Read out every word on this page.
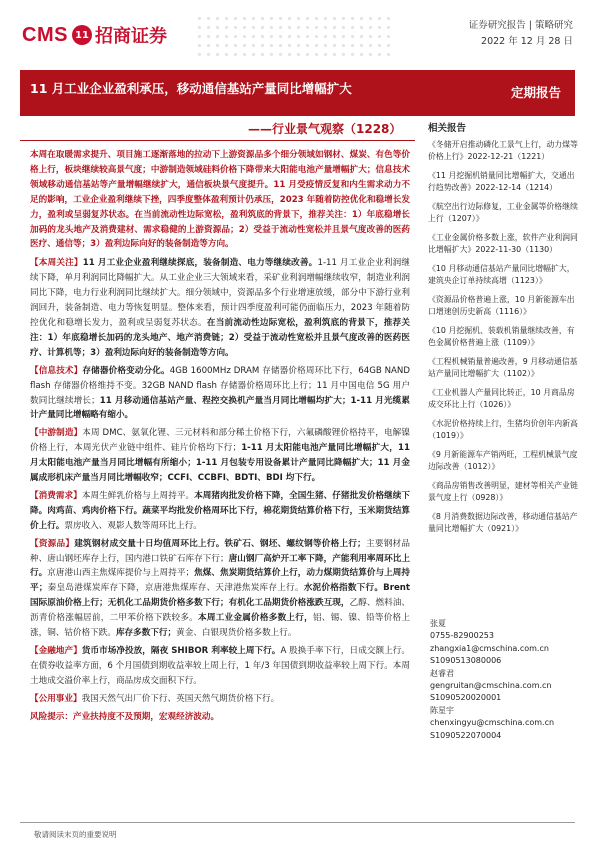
CMS 11 招商证券
证券研究报告 | 策略研究
2022 年 12 月 28 日
11 月工业企业盈利承压，移动通信基站产量同比增幅扩大	定期报告
——行业景气观察（1228）
本周在取暖需求提升、项目施工逐渐落地的拉动下上游资源品多个细分领域如钢材、煤炭、有色等价格上行，板块继续较高景气度；中游制造领域硅料价格下降带来大阳能电池产量增幅扩大；信息技术领域移动通信基站等产量增幅继续扩大，通信板块景气度提升。11 月受疫情反复和内生需求动力不足的影响，工业企业盈利继续下挫，四季度整体盈利预计仍承压，2023 年随着防控优化和稳增长发力，盈利或呈弱复苏状态。在当前流动性边际宽松，盈利筑底的背景下，推荐关注：1）年底稳增长加码的龙头地产及消费建材、需求稳健的上游资源品；2）受益于流动性宽松并且景气度改善的医药医疗、通信等；3）盈利边际向好的装备制造等方向。
【本周关注】11 月工业企业盈利继续探底，装备制造、电力等继续改善。1-11 月工业企业利润继续下降，单月利润同比降幅扩大。从工业企业三大领域来看，采矿业利润增幅继续收窄，制造业利润同比下降，电力行业利润同比继续扩大。细分领域中，资源品多个行业增速放缓，部分中下游行业利润回升，装备制造、电力等恢复明显。整体来看，预计四季度盈利可能仍面临压力，2023 年随着防控优化和稳增长发力，盈利或呈弱复苏状态。在当前流动性边际宽松，盈利筑底的背景下，推荐关注：1）年底稳增长加码的龙头地产、地产消费链；2）受益于流动性宽松并且景气度改善的医药医疗、计算机等；3）盈利边际向好的装备制造等方向。
【信息技术】存储器价格变动分化。4GB 1600MHz DRAM 存储器价格周环比下行，64GB NAND flash 存储器价格维持不变。32GB NAND flash 存储器价格周环比上行；11 月中国电信 5G 用户数同比继续增长；11 月移动通信基站产量、程控交换机产量当月同比增幅均扩大；1-11 月光缆累计产量同比增幅略有缩小。
【中游制造】本周 DMC、氨氧化锂、三元材料和部分稀土价格下行，六氟磷酸锂价格持平，电解镍价格上行，本周光伏产业链中组件、硅片价格均下行；1-11 月太阳能电池产量同比增幅扩大，11 月太阳能电池产量当月同比增幅有所缩小；1-11 月包装专用设备累计产量同比降幅扩大；11 月金属成形机床产量当月同比增幅收窄；CCFI、CCBFI、BDTI、BDI 均下行。
【消费需求】本周生鲜乳价格与上周持平。本周猪肉批发价格下降，全国生猪、仔猪批发价格继续下降。肉鸡苗、鸡肉价格下行。蔬菜平均批发价格周环比下行，棉花期货结算价格下行，玉米期货结算价上行。票房收入、观影人数等周环比上行。
【资源品】建筑钢材成交量十日均值周环比上行。铁矿石、钢坯、螺纹钢等价格上行；主要钢材品种、唐山钢坯库存上行，国内港口铁矿石库存下行；唐山钢厂高炉开工率下降，产能利用率周环比上行。京唐港山西主焦煤库提价与上周持平；焦煤、焦炭期货结算价上行，动力煤期货结算价与上周持平；秦皇岛港煤炭库存下降，京唐港焦煤库存、天津港焦炭库存上行。水泥价格指数下行。Brent 国际原油价格上行；无机化工品期货价格多数下行；有机化工品期货价格涨跌互现，乙醇、燃料油、沥青价格涨幅居前，二甲苯价格下跌较多。本周工业金属价格多数上行，铝、锡、镍、铅等价格上涨，铜、钴价格下跌。库存多数下行；黄金、白银现货价格多数上行。
【金融地产】货币市场净投放，隔夜 SHIBOR 利率较上周下行。A 股换手率下行，日成交额上行。在债券收益率方面，6 个月国债到期收益率较上周上行，1 年/3 年国债到期收益率较上周下行。本周土地成交溢价率上行，商品房成交面积下行。
【公用事业】我国天然气出厂价下行、英国天然气期货价格下行。
风险提示：产业扶持度不及预期，宏观经济波动。
相关报告
《冬储开启推动磷化工景气上行，动力煤等价格上行》2022-12-21（1221）
《11 月挖掘机销量同比增幅扩大，交通出行趋势改善》2022-12-14（1214）
《航空出行边际修复，工业金属等价格继续上行（1207）》
《工业金属价格多数上涨，软件产业利润同比增幅扩大》2022-11-30（1130）
《10 月移动通信基站产量同比增幅扩大，建筑央企订单持续高增（1123）》
《资源品价格普遍上涨，10 月新能源车出口增速创历史新高（1116）》
《10 月挖掘机、装载机销量继续改善，有色金属价格普遍上涨（1109）》
《工程机械销量普遍改善，9 月移动通信基站产量同比增幅扩大（1102）》
《工业机器人产量同比转正，10 月商品房成交环比上行（1026）》
《水泥价格持续上行，生猪均价创年内新高（1019）》
《9 月新能源车产销两旺，工程机械景气度边际改善（1012）》
《商品房销售改善明显，建材等相关产业链景气度上行（0928）》
《8 月消费数据边际改善，移动通信基站产量同比增幅扩大（0921）》
张夏
0755-82900253
zhangxia1@cmschina.com.cn
S1090513080006
赵睿君
gengruitan@cmschina.com.cn
S1090520020001
陈星宇
chenxingyu@cmschina.com.cn
S1090522070004
敬请阅读末页的重要说明
